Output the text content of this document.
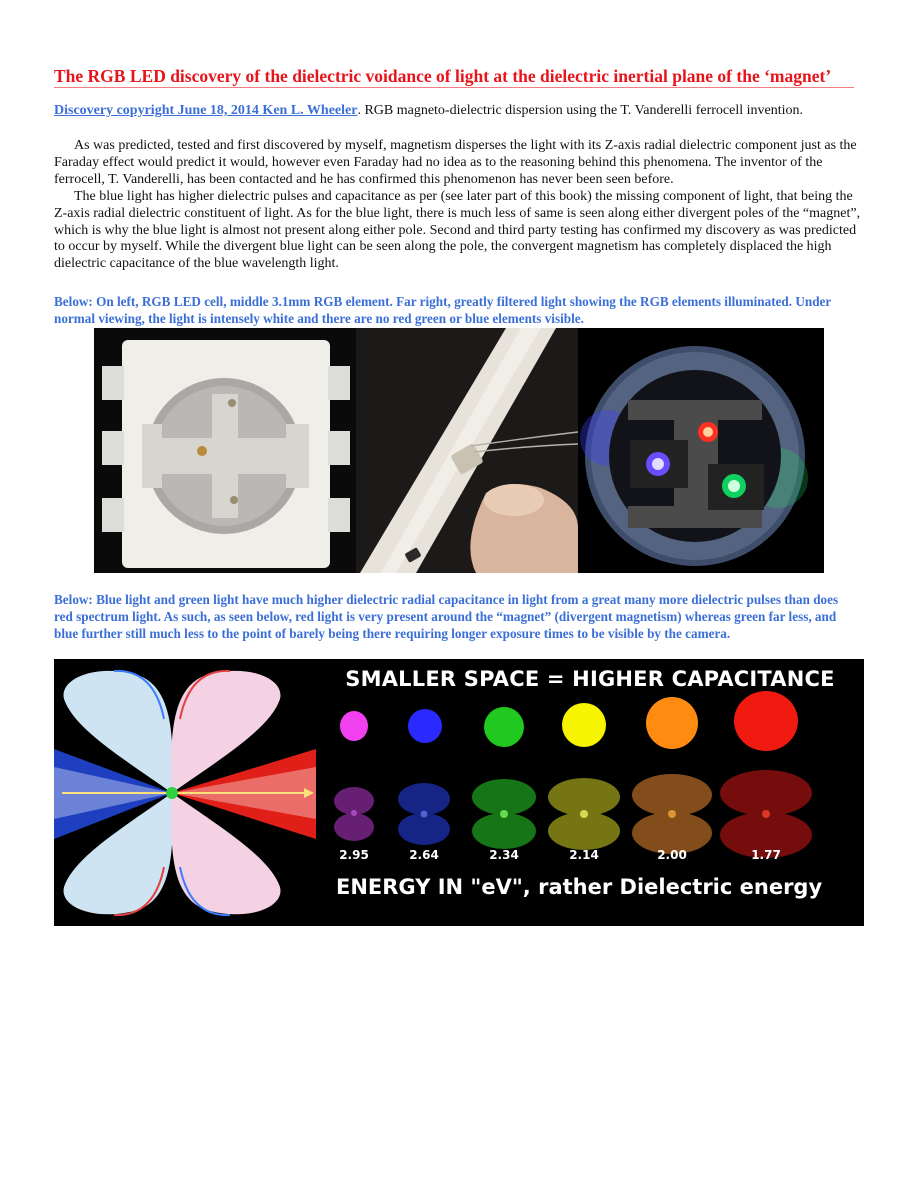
The RGB LED discovery of the dielectric voidance of light at the dielectric inertial plane of the ‘magnet’
Discovery copyright June 18, 2014 Ken L. Wheeler. RGB magneto-dielectric dispersion using the T. Vanderelli ferrocell invention.

As was predicted, tested and first discovered by myself, magnetism disperses the light with its Z-axis radial dielectric component just as the Faraday effect would predict it would, however even Faraday had no idea as to the reasoning behind this phenomena. The inventor of the ferrocell, T. Vanderelli, has been contacted and he has confirmed this phenomenon has never been seen before.

The blue light has higher dielectric pulses and capacitance as per (see later part of this book) the missing component of light, that being the Z-axis radial dielectric constituent of light. As for the blue light, there is much less of same is seen along either divergent poles of the “magnet”, which is why the blue light is almost not present along either pole. Second and third party testing has confirmed my discovery as was predicted to occur by myself. While the divergent blue light can be seen along the pole, the convergent magnetism has completely displaced the high dielectric capacitance of the blue wavelength light.

Below: On left, RGB LED cell, middle 3.1mm RGB element. Far right, greatly filtered light showing the RGB elements illuminated. Under normal viewing, the light is intensely white and there are no red green or blue elements visible.
Below: Blue light and green light have much higher dielectric radial capacitance in light from a great many more dielectric pulses than does red spectrum light. As such, as seen below, red light is very present around the “magnet” (divergent magnetism) whereas green far less, and blue further still much less to the point of barely being there requiring longer exposure times to be visible by the camera.
SMALLER SPACE = HIGHER CAPACITANCE
2.95	2.64	2.34	2.14	2.00	1.77
ENERGY IN "eV", rather Dielectric energy
